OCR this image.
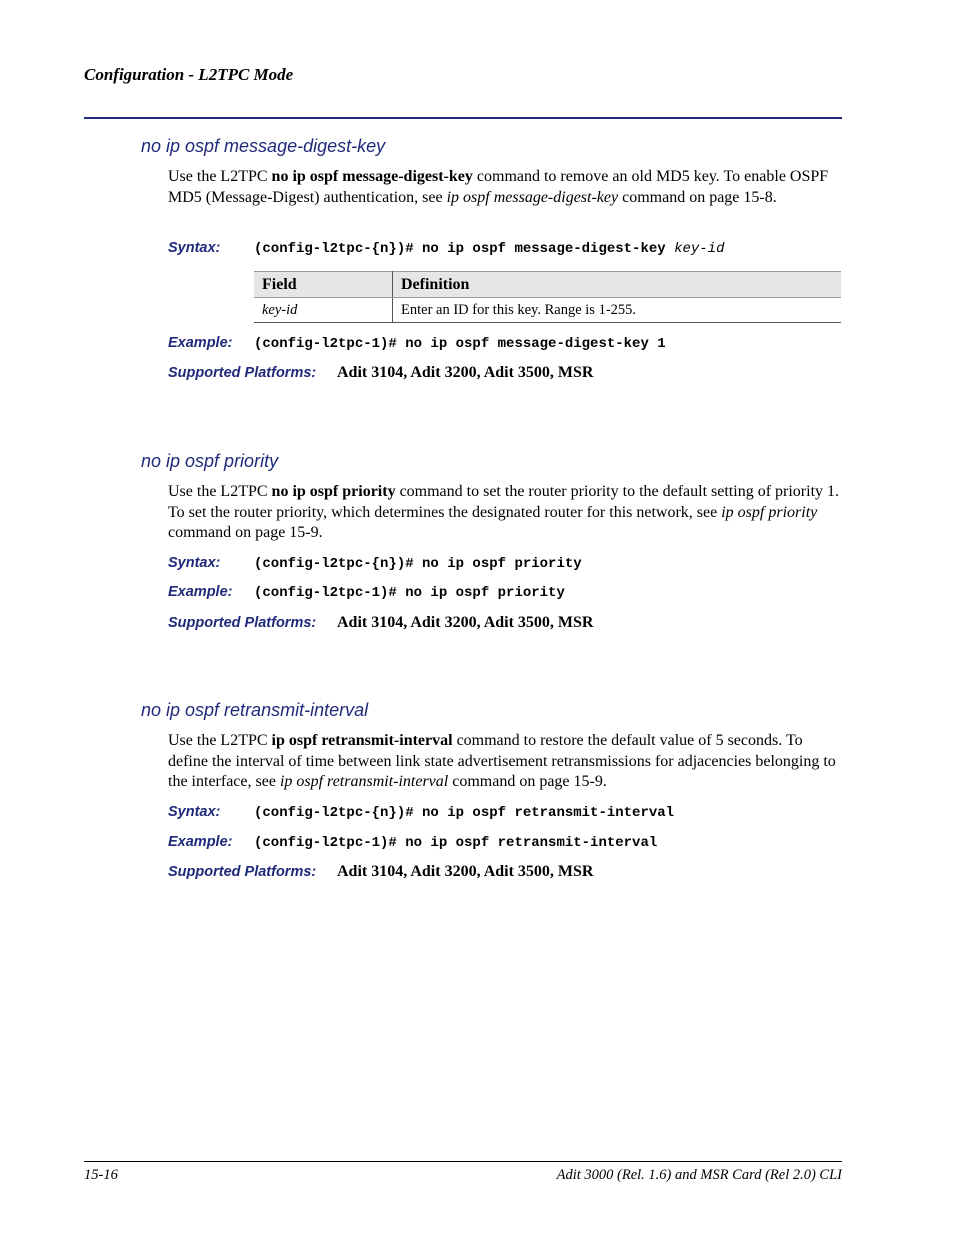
Configuration - L2TPC Mode
no ip ospf message-digest-key
Use the L2TPC no ip ospf message-digest-key command to remove an old MD5 key. To enable OSPF MD5 (Message-Digest) authentication, see ip ospf message-digest-key command on page 15-8.
Syntax: (config-l2tpc-{n})# no ip ospf message-digest-key key-id
Field	Definition
key-id	Enter an ID for this key. Range is 1-255.
Example: (config-l2tpc-1)# no ip ospf message-digest-key 1
Supported Platforms: Adit 3104, Adit 3200, Adit 3500, MSR
no ip ospf priority
Use the L2TPC no ip ospf priority command to set the router priority to the default setting of priority 1. To set the router priority, which determines the designated router for this network, see ip ospf priority command on page 15-9.
Syntax: (config-l2tpc-{n})# no ip ospf priority
Example: (config-l2tpc-1)# no ip ospf priority
Supported Platforms: Adit 3104, Adit 3200, Adit 3500, MSR
no ip ospf retransmit-interval
Use the L2TPC ip ospf retransmit-interval command to restore the default value of 5 seconds. To define the interval of time between link state advertisement retransmissions for adjacencies belonging to the interface, see ip ospf retransmit-interval command on page 15-9.
Syntax: (config-l2tpc-{n})# no ip ospf retransmit-interval
Example: (config-l2tpc-1)# no ip ospf retransmit-interval
Supported Platforms: Adit 3104, Adit 3200, Adit 3500, MSR
15-16	Adit 3000 (Rel. 1.6) and MSR Card (Rel 2.0) CLI
